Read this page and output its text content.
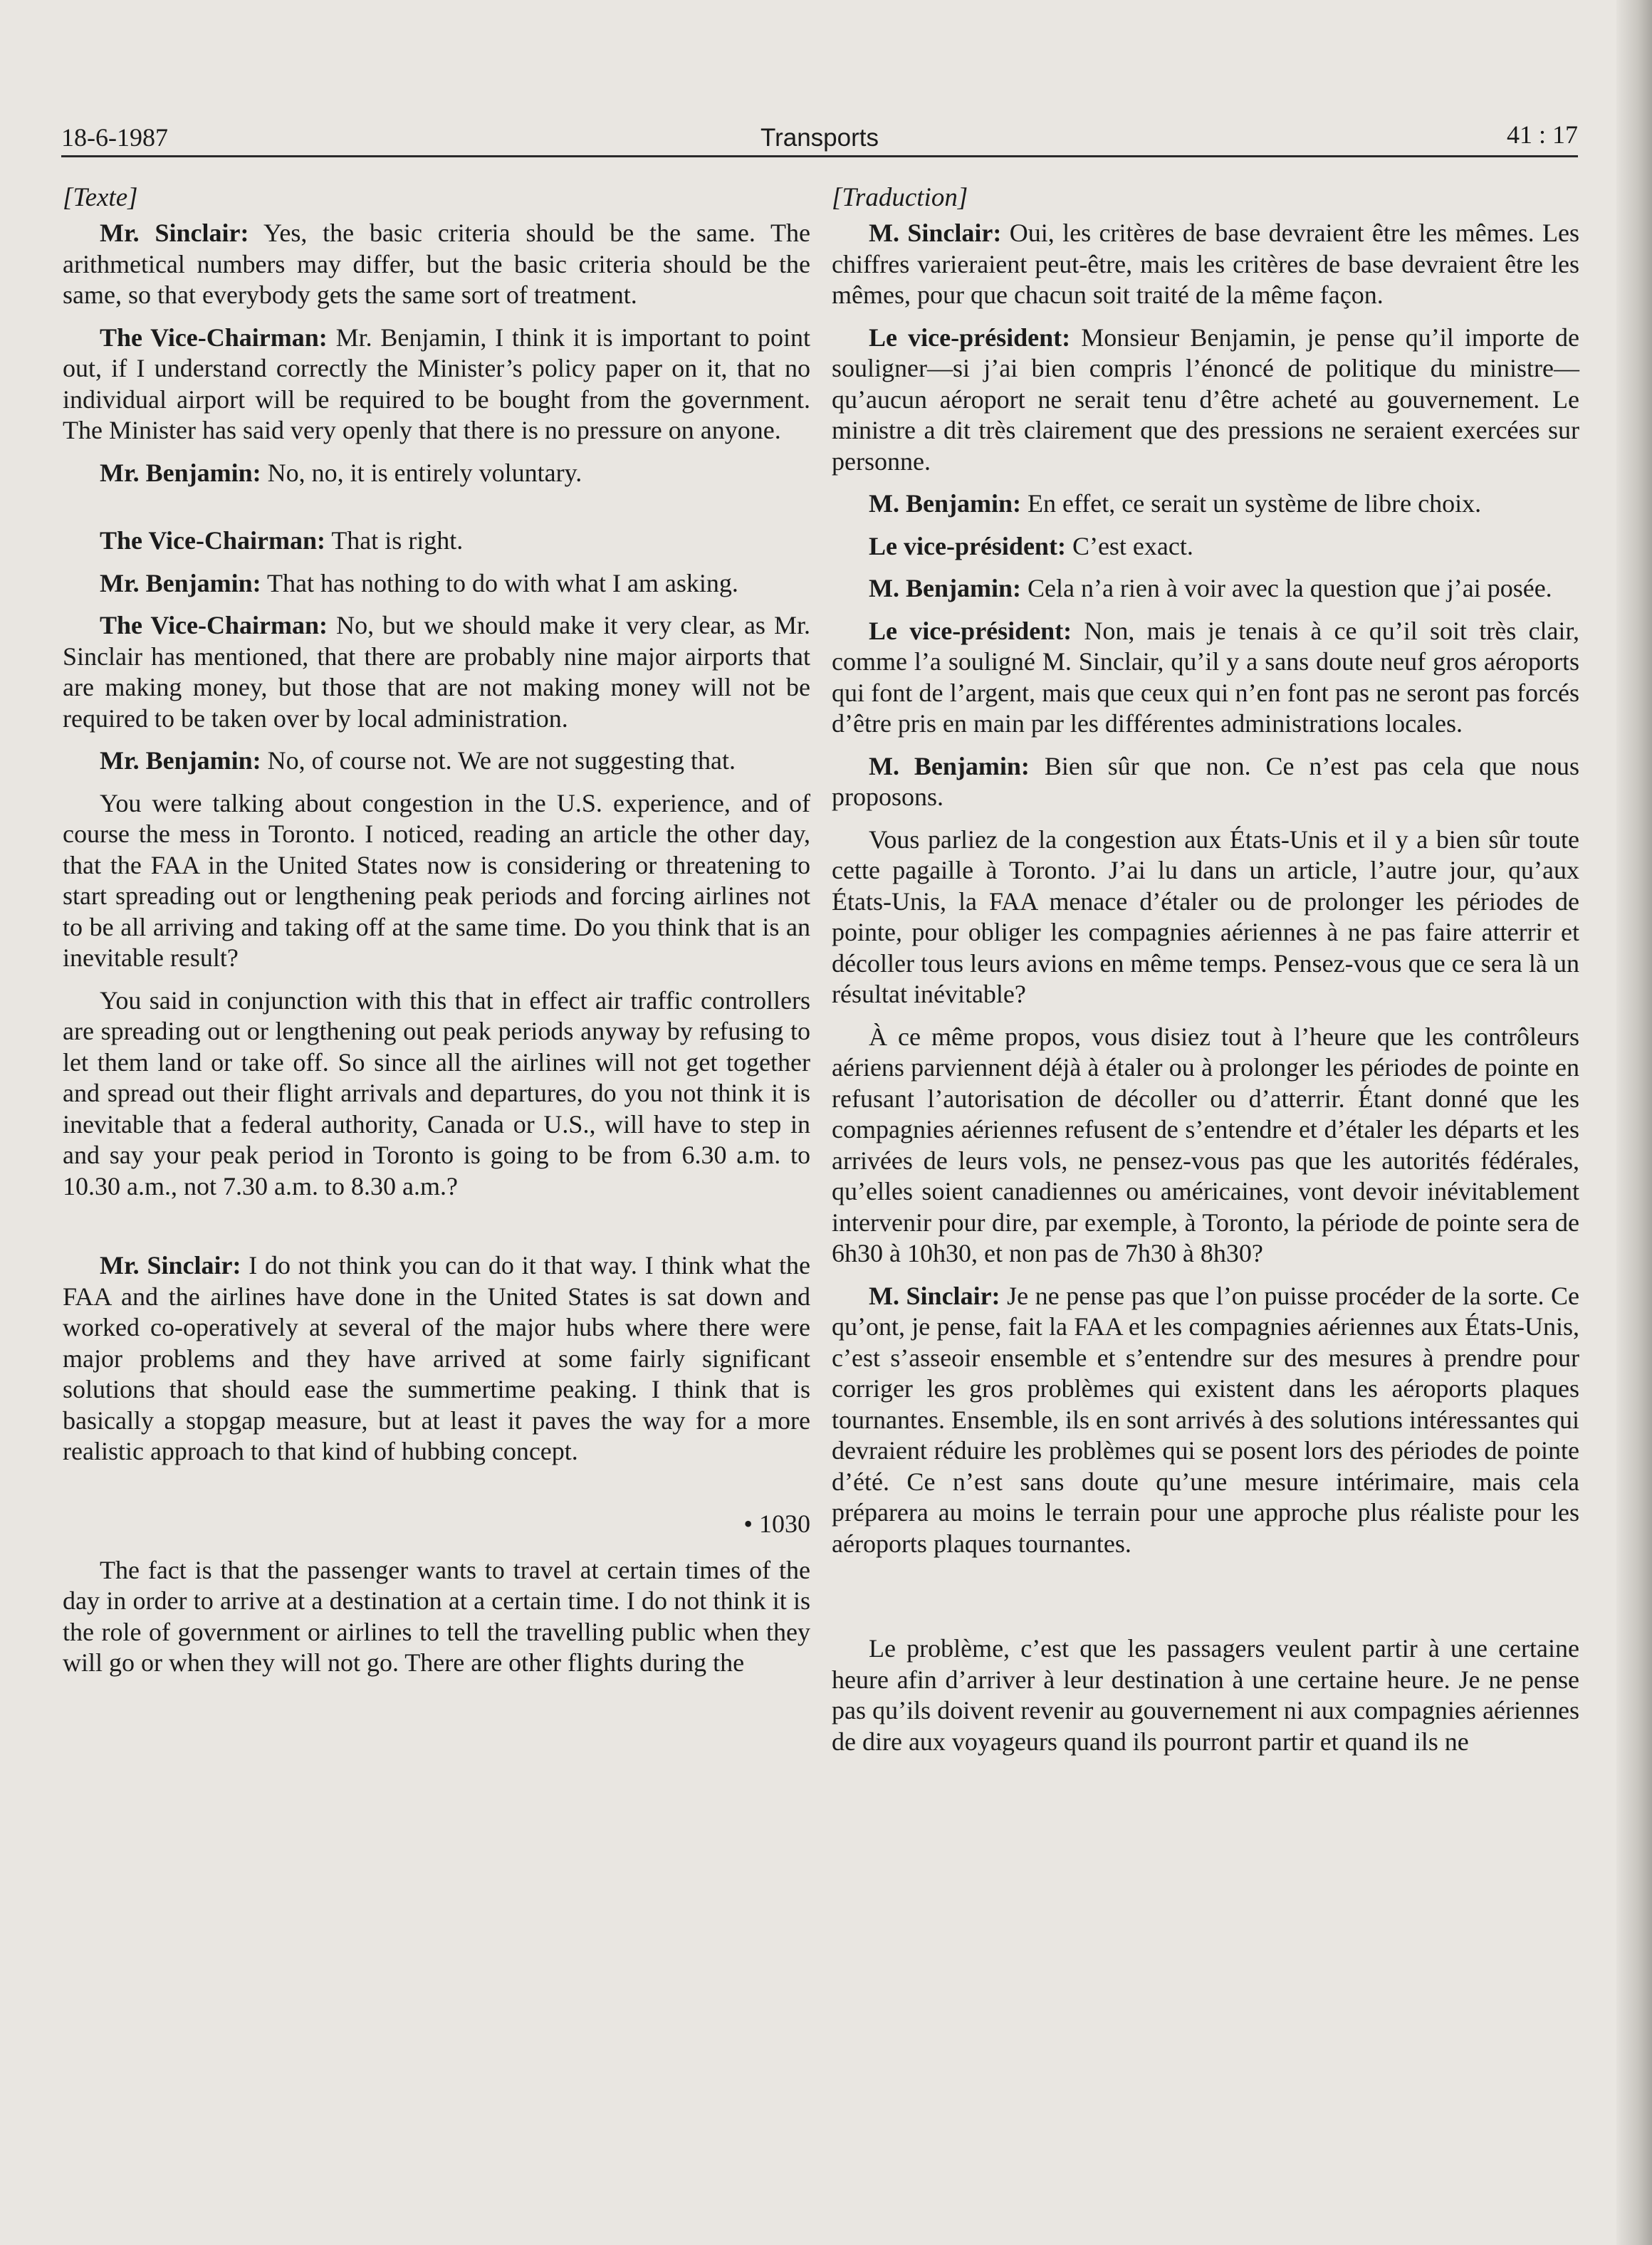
18-6-1987	Transports	41 : 17
[Texte]

Mr. Sinclair: Yes, the basic criteria should be the same. The arithmetical numbers may differ, but the basic criteria should be the same, so that everybody gets the same sort of treatment.

The Vice-Chairman: Mr. Benjamin, I think it is important to point out, if I understand correctly the Minister’s policy paper on it, that no individual airport will be required to be bought from the government. The Minister has said very openly that there is no pressure on anyone.

Mr. Benjamin: No, no, it is entirely voluntary.

The Vice-Chairman: That is right.

Mr. Benjamin: That has nothing to do with what I am asking.

The Vice-Chairman: No, but we should make it very clear, as Mr. Sinclair has mentioned, that there are probably nine major airports that are making money, but those that are not making money will not be required to be taken over by local administration.

Mr. Benjamin: No, of course not. We are not suggesting that.

You were talking about congestion in the U.S. experience, and of course the mess in Toronto. I noticed, reading an article the other day, that the FAA in the United States now is considering or threatening to start spreading out or lengthening peak periods and forcing airlines not to be all arriving and taking off at the same time. Do you think that is an inevitable result?

You said in conjunction with this that in effect air traffic controllers are spreading out or lengthening out peak periods anyway by refusing to let them land or take off. So since all the airlines will not get together and spread out their flight arrivals and departures, do you not think it is inevitable that a federal authority, Canada or U.S., will have to step in and say your peak period in Toronto is going to be from 6.30 a.m. to 10.30 a.m., not 7.30 a.m. to 8.30 a.m.?

Mr. Sinclair: I do not think you can do it that way. I think what the FAA and the airlines have done in the United States is sat down and worked co-operatively at several of the major hubs where there were major problems and they have arrived at some fairly significant solutions that should ease the summertime peaking. I think that is basically a stopgap measure, but at least it paves the way for a more realistic approach to that kind of hubbing concept.

• 1030

The fact is that the passenger wants to travel at certain times of the day in order to arrive at a destination at a certain time. I do not think it is the role of government or airlines to tell the travelling public when they will go or when they will not go. There are other flights during the

[Traduction]

M. Sinclair: Oui, les critères de base devraient être les mêmes. Les chiffres varieraient peut-être, mais les critères de base devraient être les mêmes, pour que chacun soit traité de la même façon.

Le vice-président: Monsieur Benjamin, je pense qu’il importe de souligner—si j’ai bien compris l’énoncé de politique du ministre—qu’aucun aéroport ne serait tenu d’être acheté au gouvernement. Le ministre a dit très clairement que des pressions ne seraient exercées sur personne.

M. Benjamin: En effet, ce serait un système de libre choix.

Le vice-président: C’est exact.

M. Benjamin: Cela n’a rien à voir avec la question que j’ai posée.

Le vice-président: Non, mais je tenais à ce qu’il soit très clair, comme l’a souligné M. Sinclair, qu’il y a sans doute neuf gros aéroports qui font de l’argent, mais que ceux qui n’en font pas ne seront pas forcés d’être pris en main par les différentes administrations locales.

M. Benjamin: Bien sûr que non. Ce n’est pas cela que nous proposons.

Vous parliez de la congestion aux États-Unis et il y a bien sûr toute cette pagaille à Toronto. J’ai lu dans un article, l’autre jour, qu’aux États-Unis, la FAA menace d’étaler ou de prolonger les périodes de pointe, pour obliger les compagnies aériennes à ne pas faire atterrir et décoller tous leurs avions en même temps. Pensez-vous que ce sera là un résultat inévitable?

À ce même propos, vous disiez tout à l’heure que les contrôleurs aériens parviennent déjà à étaler ou à prolonger les périodes de pointe en refusant l’autorisation de décoller ou d’atterrir. Étant donné que les compagnies aériennes refusent de s’entendre et d’étaler les départs et les arrivées de leurs vols, ne pensez-vous pas que les autorités fédérales, qu’elles soient canadiennes ou américaines, vont devoir inévitablement intervenir pour dire, par exemple, à Toronto, la période de pointe sera de 6h30 à 10h30, et non pas de 7h30 à 8h30?

M. Sinclair: Je ne pense pas que l’on puisse procéder de la sorte. Ce qu’ont, je pense, fait la FAA et les compagnies aériennes aux États-Unis, c’est s’asseoir ensemble et s’entendre sur des mesures à prendre pour corriger les gros problèmes qui existent dans les aéroports plaques tournantes. Ensemble, ils en sont arrivés à des solutions intéressantes qui devraient réduire les problèmes qui se posent lors des périodes de pointe d’été. Ce n’est sans doute qu’une mesure intérimaire, mais cela préparera au moins le terrain pour une approche plus réaliste pour les aéroports plaques tournantes.

Le problème, c’est que les passagers veulent partir à une certaine heure afin d’arriver à leur destination à une certaine heure. Je ne pense pas qu’ils doivent revenir au gouvernement ni aux compagnies aériennes de dire aux voyageurs quand ils pourront partir et quand ils ne
